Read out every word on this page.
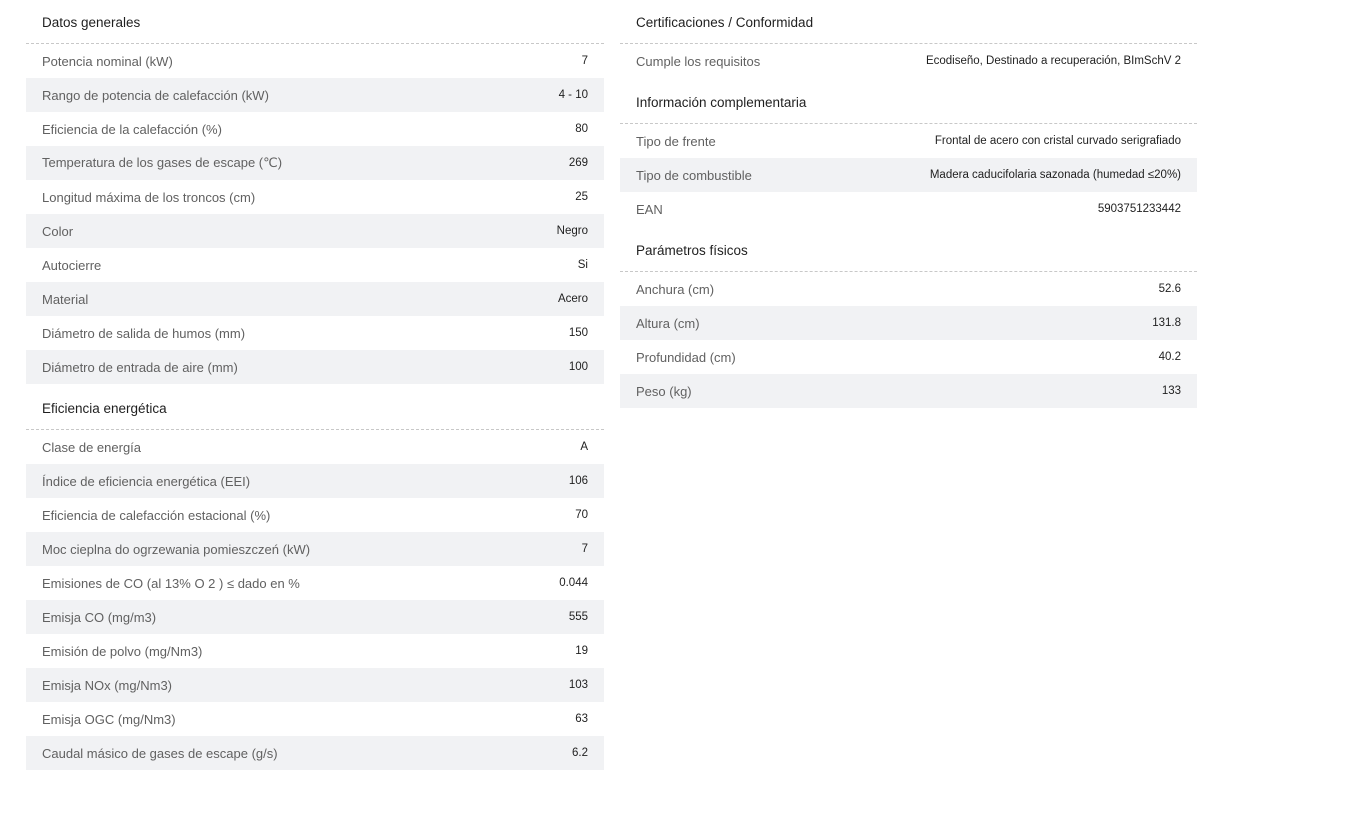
Datos generales
Potencia nominal (kW)	7
Rango de potencia de calefacción (kW)	4 - 10
Eficiencia de la calefacción (%)	80
Temperatura de los gases de escape (℃)	269
Longitud máxima de los troncos (cm)	25
Color	Negro
Autocierre	Si
Material	Acero
Diámetro de salida de humos (mm)	150
Diámetro de entrada de aire (mm)	100
Eficiencia energética
Clase de energía	A
Índice de eficiencia energética (EEI)	106
Eficiencia de calefacción estacional (%)	70
Moc cieplna do ogrzewania pomieszczeń (kW)	7
Emisiones de CO (al 13% O 2 ) ≤ dado en %	0.044
Emisja CO (mg/m3)	555
Emisión de polvo (mg/Nm3)	19
Emisja NOx (mg/Nm3)	103
Emisja OGC (mg/Nm3)	63
Caudal másico de gases de escape (g/s)	6.2
Certificaciones / Conformidad
Cumple los requisitos	Ecodiseño, Destinado a recuperación, BImSchV 2
Información complementaria
Tipo de frente	Frontal de acero con cristal curvado serigrafiado
Tipo de combustible	Madera caducifolaria sazonada (humedad ≤20%)
EAN	5903751233442
Parámetros físicos
Anchura (cm)	52.6
Altura (cm)	131.8
Profundidad (cm)	40.2
Peso (kg)	133
